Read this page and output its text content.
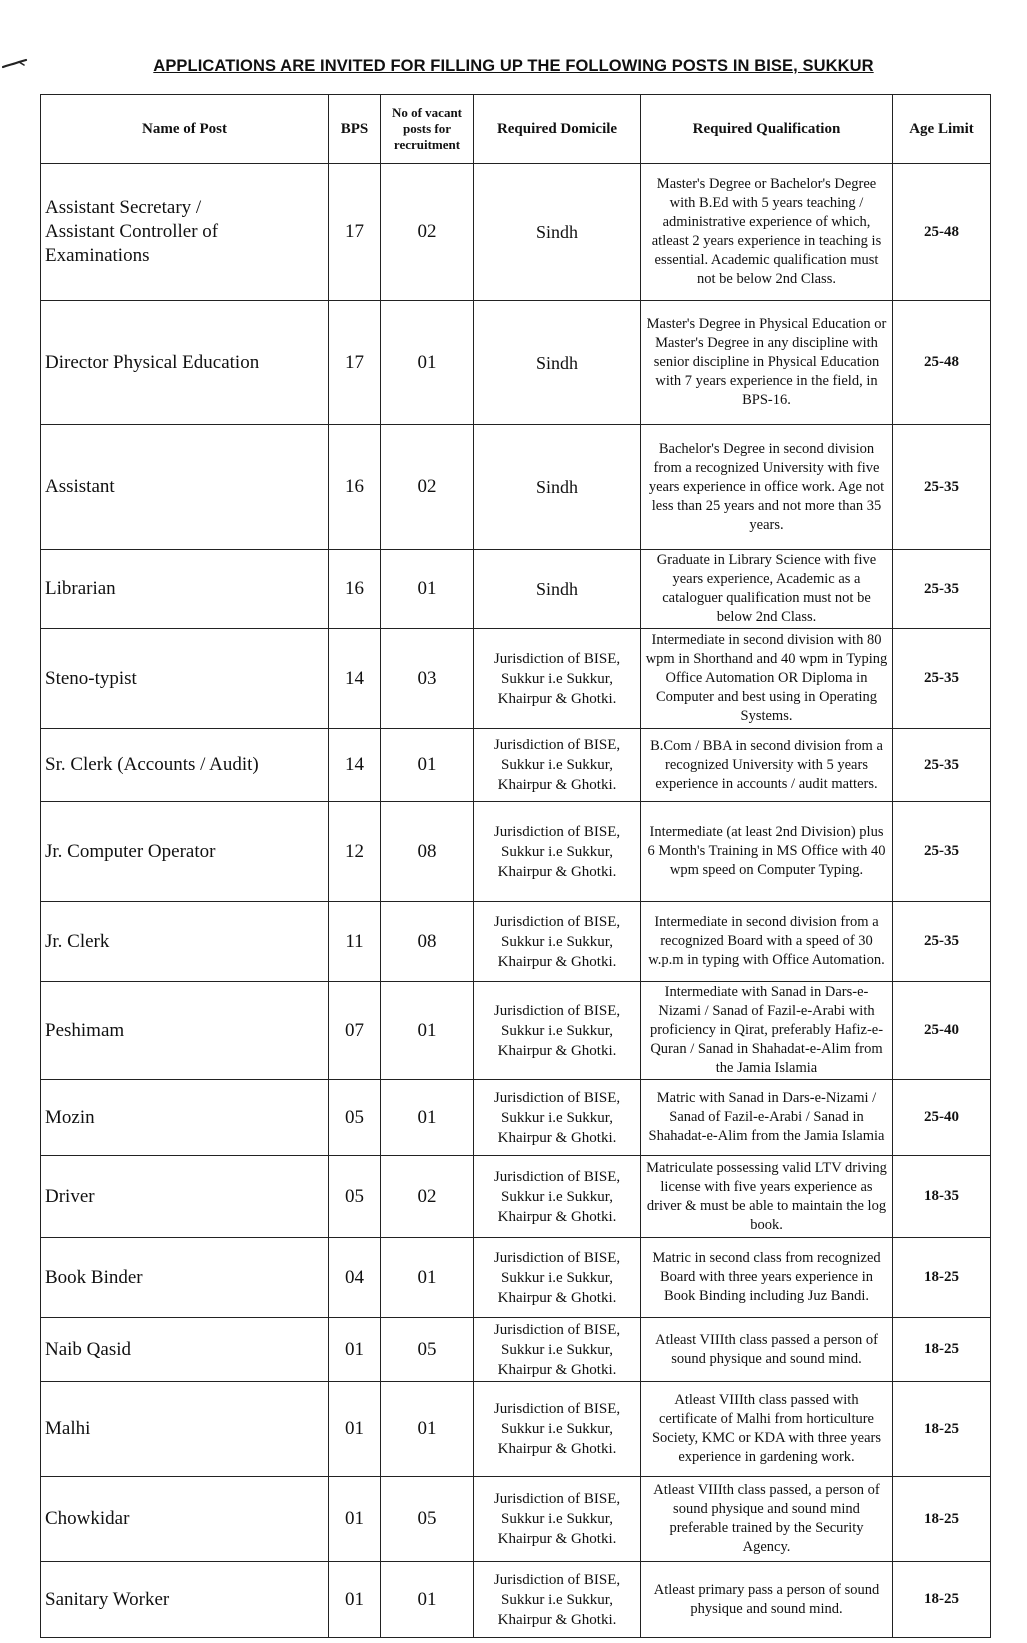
APPLICATIONS ARE INVITED FOR FILLING UP THE FOLLOWING POSTS IN BISE, SUKKUR
Name of Post	BPS	No of vacant posts for recruitment	Required Domicile	Required Qualification	Age Limit

Assistant Secretary /
Assistant Controller of Examinations	17	02	Sindh	Master's Degree or Bachelor's Degree with B.Ed with 5 years teaching / administrative experience of which, atleast 2 years experience in teaching is essential. Academic qualification must not be below 2nd Class.	25-48

Director Physical Education	17	01	Sindh	Master's Degree in Physical Education or Master's Degree in any discipline with senior discipline in Physical Education with 7 years experience in the field, in BPS-16.	25-48

Assistant	16	02	Sindh	Bachelor's Degree in second division from a recognized University with five years experience in office work. Age not less than 25 years and not more than 35 years.	25-35

Librarian	16	01	Sindh	Graduate in Library Science with five years experience, Academic as a cataloguer qualification must not be below 2nd Class.	25-35

Steno-typist	14	03	Jurisdiction of BISE, Sukkur i.e Sukkur, Khairpur & Ghotki.	Intermediate in second division with 80 wpm in Shorthand and 40 wpm in Typing Office Automation OR Diploma in Computer and best using in Operating Systems.	25-35

Sr. Clerk (Accounts / Audit)	14	01	Jurisdiction of BISE, Sukkur i.e Sukkur, Khairpur & Ghotki.	B.Com / BBA in second division from a recognized University with 5 years experience in accounts / audit matters.	25-35

Jr. Computer Operator	12	08	Jurisdiction of BISE, Sukkur i.e Sukkur, Khairpur & Ghotki.	Intermediate (at least 2nd Division) plus 6 Month's Training in MS Office with 40 wpm speed on Computer Typing.	25-35

Jr. Clerk	11	08	Jurisdiction of BISE, Sukkur i.e Sukkur, Khairpur & Ghotki.	Intermediate in second division from a recognized Board with a speed of 30 w.p.m in typing with Office Automation.	25-35

Peshimam	07	01	Jurisdiction of BISE, Sukkur i.e Sukkur, Khairpur & Ghotki.	Intermediate with Sanad in Dars-e-Nizami / Sanad of Fazil-e-Arabi with proficiency in Qirat, preferably Hafiz-e-Quran / Sanad in Shahadat-e-Alim from the Jamia Islamia	25-40

Mozin	05	01	Jurisdiction of BISE, Sukkur i.e Sukkur, Khairpur & Ghotki.	Matric with Sanad in Dars-e-Nizami / Sanad of Fazil-e-Arabi / Sanad in Shahadat-e-Alim from the Jamia Islamia	25-40

Driver	05	02	Jurisdiction of BISE, Sukkur i.e Sukkur, Khairpur & Ghotki.	Matriculate possessing valid LTV driving license with five years experience as driver & must be able to maintain the log book.	18-35

Book Binder	04	01	Jurisdiction of BISE, Sukkur i.e Sukkur, Khairpur & Ghotki.	Matric in second class from recognized Board with three years experience in Book Binding including Juz Bandi.	18-25

Naib Qasid	01	05	Jurisdiction of BISE, Sukkur i.e Sukkur, Khairpur & Ghotki.	Atleast VIIIth class passed a person of sound physique and sound mind.	18-25

Malhi	01	01	Jurisdiction of BISE, Sukkur i.e Sukkur, Khairpur & Ghotki.	Atleast VIIIth class passed with certificate of Malhi from horticulture Society, KMC or KDA with three years experience in gardening work.	18-25

Chowkidar	01	05	Jurisdiction of BISE, Sukkur i.e Sukkur, Khairpur & Ghotki.	Atleast VIIIth class passed, a person of sound physique and sound mind preferable trained by the Security Agency.	18-25

Sanitary Worker	01	01	Jurisdiction of BISE, Sukkur i.e Sukkur, Khairpur & Ghotki.	Atleast primary pass a person of sound physique and sound mind.	18-25
